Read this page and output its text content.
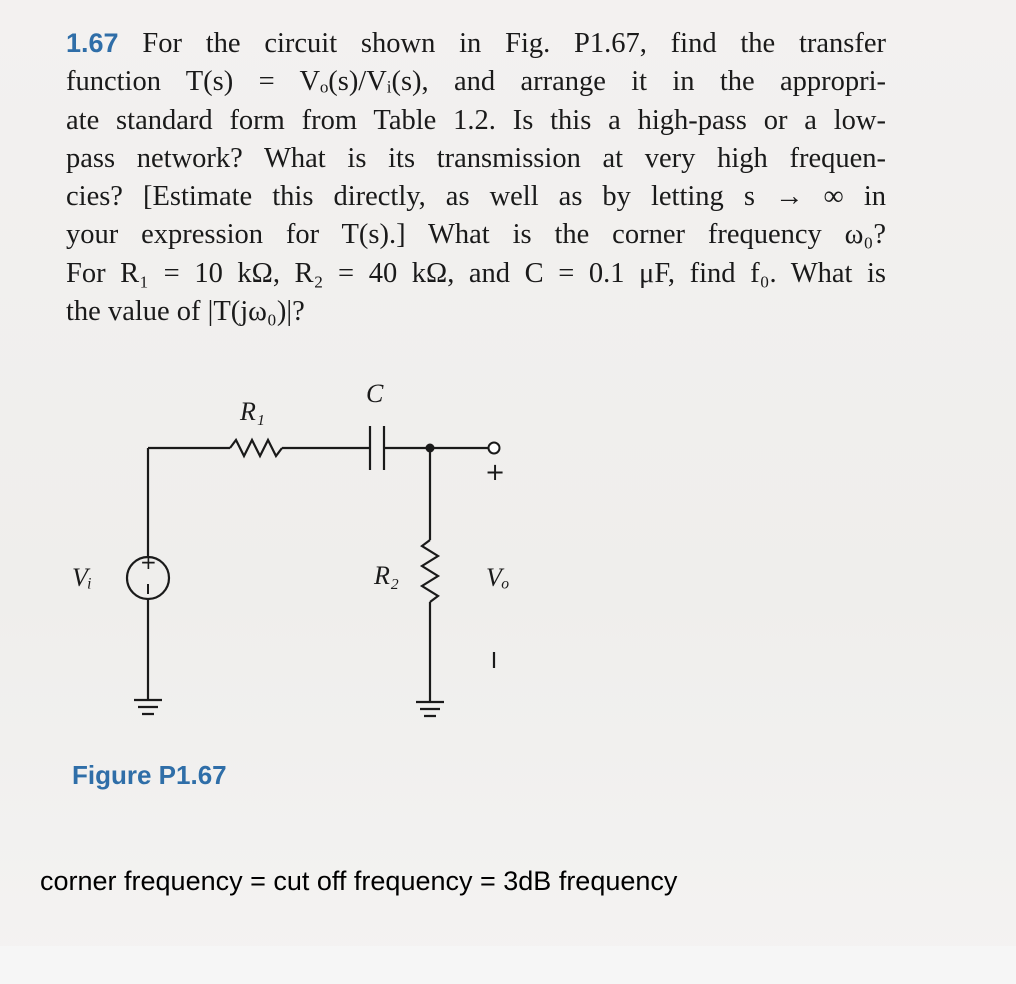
1.67 For the circuit shown in Fig. P1.67, find the transfer
function T(s) = Vₒ(s)/Vᵢ(s), and arrange it in the appropri-
ate standard form from Table 1.2. Is this a high-pass or a low-
pass network? What is its transmission at very high frequen-
cies? [Estimate this directly, as well as by letting s → ∞ in
your expression for T(s).] What is the corner frequency ω₀?
For R₁ = 10 kΩ, R₂ = 40 kΩ, and C = 0.1 μF, find f₀. What is
the value of |T(jω₀)|?
R₁
C
R₂
Vᵢ	Vₒ
+
+
Figure P1.67
corner frequency = cut off frequency = 3dB frequency
